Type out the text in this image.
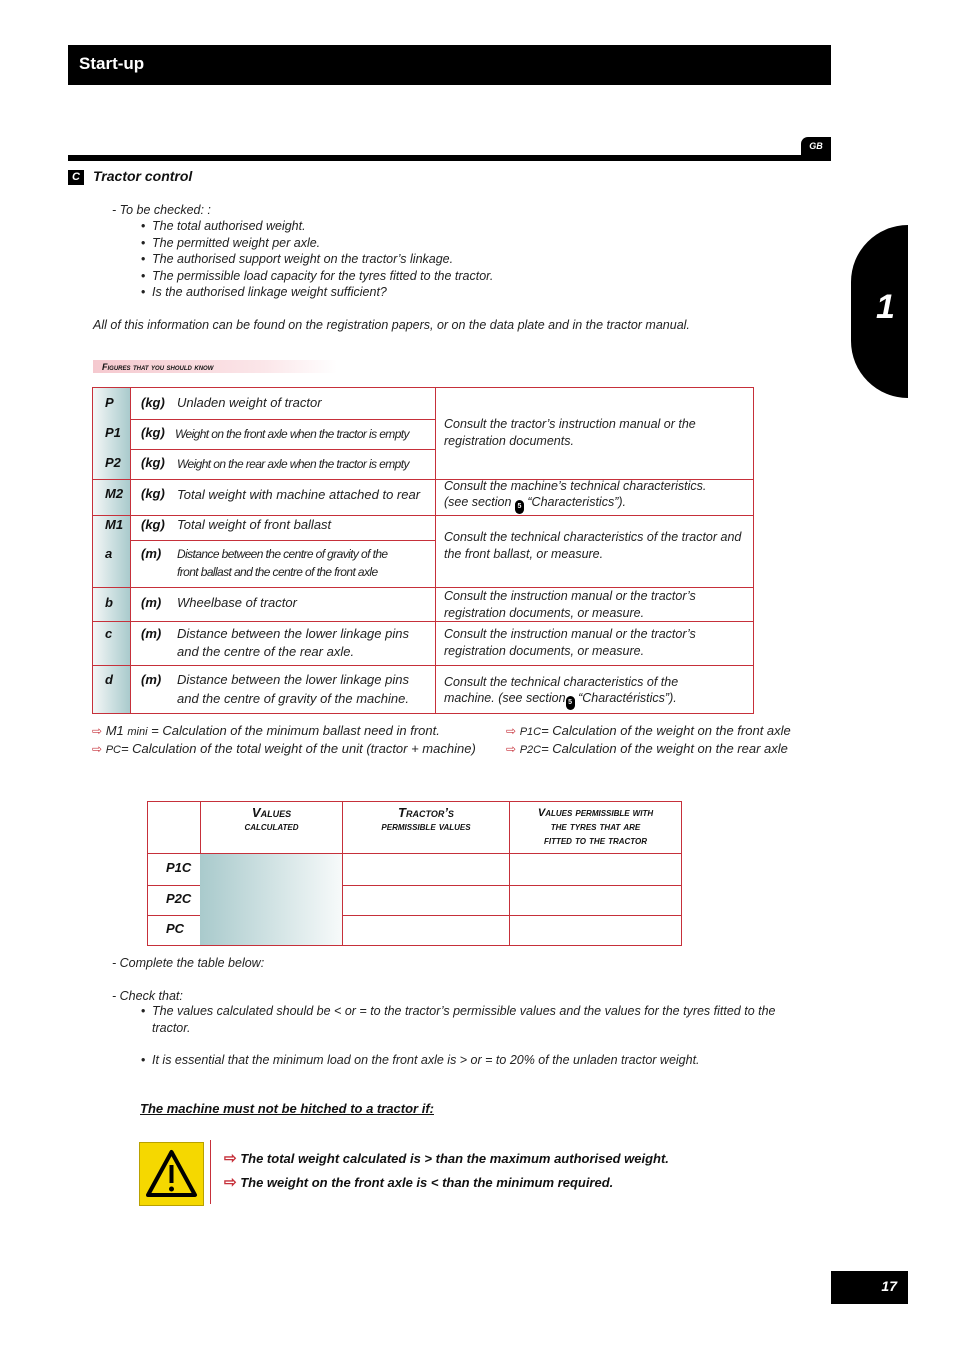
Start-up
GB
1
C Tractor control
- To be checked: :
• The total authorised weight.
• The permitted weight per axle.
• The authorised support weight on the tractor’s linkage.
• The permissible load capacity for the tyres fitted to the tractor.
• Is the authorised linkage weight sufficient?
All of this information can be found on the registration papers, or on the data plate and in the tractor manual.
Figures that you should know
P (kg) Unladen weight of tractor
P1 (kg) Weight on the front axle when the tractor is empty
P2 (kg) Weight on the rear axle when the tractor is empty
M2 (kg) Total weight with machine attached to rear
M1 (kg) Total weight of front ballast
a (m) Distance between the centre of gravity of the
front ballast and the centre of the front axle
b (m) Wheelbase of tractor
c (m) Distance between the lower linkage pins
and the centre of the rear axle.
d (m) Distance between the lower linkage pins
and the centre of gravity of the machine.
Consult the tractor’s instruction manual or the registration documents.
Consult the machine’s technical characteristics.
(see section 5 “Characteristics”).
Consult the technical characteristics of the tractor and the front ballast, or measure.
Consult the instruction manual or the tractor’s registration documents, or measure.
Consult the instruction manual or the tractor’s registration documents, or measure.
Consult the technical characteristics of the
machine. (see section 5 “Charactéristics”).
⇨ M1 mini = Calculation of the minimum ballast need in front.	⇨ P1C= Calculation of the weight on the front axle
⇨ PC= Calculation of the total weight of the unit (tractor + machine)	⇨ P2C= Calculation of the weight on the rear axle
Values
calculated
Tractor’s
permissible values
Values permissible with
the tyres that are
fitted to the tractor
P1C
P2C
PC
- Complete the table below:
- Check that:
• The values calculated should be < or = to the tractor’s permissible values and the values for the tyres fitted to the tractor.
• It is essential that the minimum load on the front axle is > or = to 20% of the unladen tractor weight.
The machine must not be hitched to a tractor if:
⇨ The total weight calculated is > than the maximum authorised weight.
⇨ The weight on the front axle is < than the minimum required.
17
